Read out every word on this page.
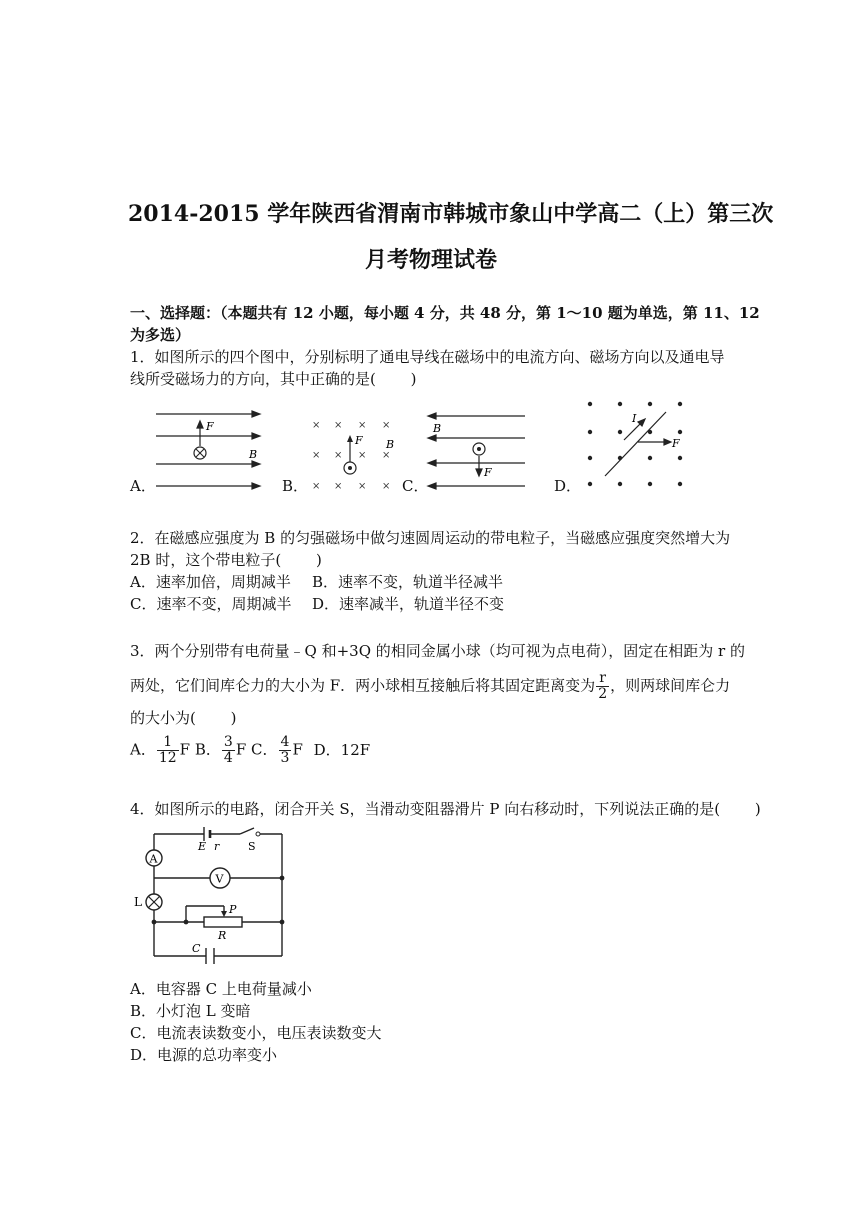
2014-2015 学年陕西省渭南市韩城市象山中学高二（上）第三次
月考物理试卷
一、选择题：（本题共有 12 小题，每小题 4 分，共 48 分，第 1～10 题为单选，第 11、12
为多选）
1．如图所示的四个图中，分别标明了通电导线在磁场中的电流方向、磁场方向以及通电导
线所受磁场力的方向，其中正确的是(　　 )
A．	B．	C．	D．
F
B
× × × ×
× × × ×
× × × ×
F B
B
F
I
F
2．在磁感应强度为 B 的匀强磁场中做匀速圆周运动的带电粒子，当磁感应强度突然增大为
2B 时，这个带电粒子(　　 )
A．速率加倍，周期减半 B．速率不变，轨道半径减半
C．速率不变，周期减半 D．速率减半，轨道半径不变
3．两个分别带有电荷量﹣Q 和+3Q 的相同金属小球（均可视为点电荷），固定在相距为 r 的
两处，它们间库仑力的大小为 F．两小球相互接触后将其固定距离变为 $\frac{r}{2}$ ，则两球间库仑力
的大小为(　　 )
A． $\frac{1}{12}$ F B． $\frac{3}{4}$ F C． $\frac{4}{3}$ F D．12F
4．如图所示的电路，闭合开关 S，当滑动变阻器滑片 P 向右移动时，下列说法正确的是(　　 )
A
V
L
E r	S
P
R
C
A．电容器 C 上电荷量减小
B．小灯泡 L 变暗
C．电流表读数变小，电压表读数变大
D．电源的总功率变小
